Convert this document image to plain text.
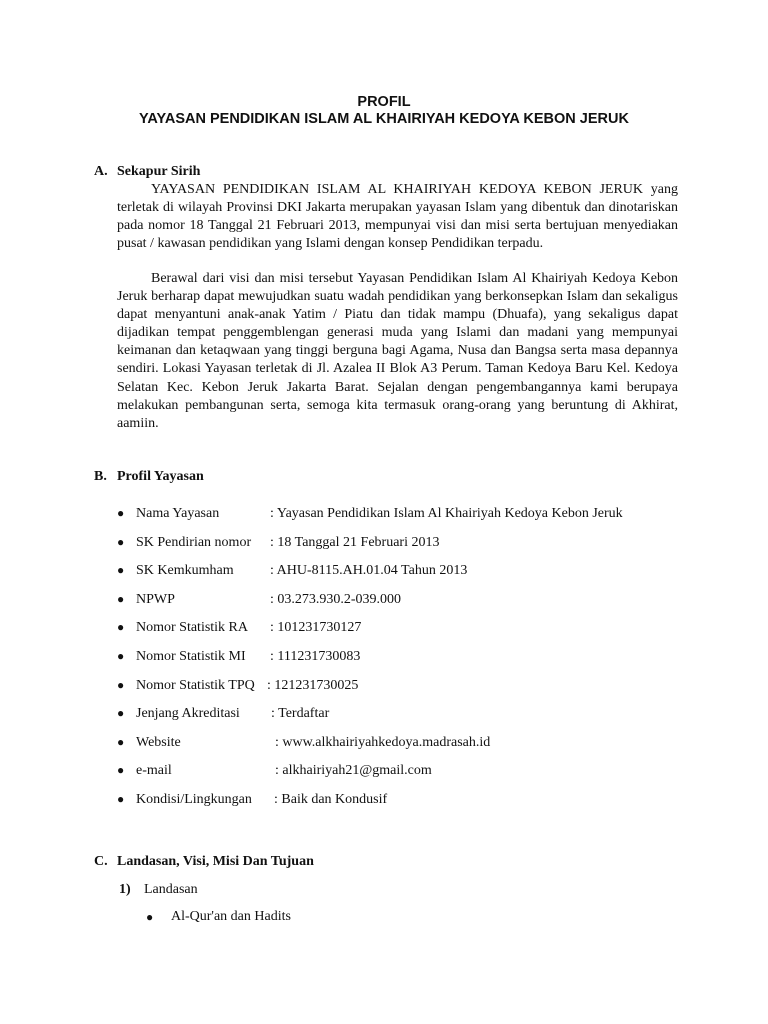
PROFIL
YAYASAN PENDIDIKAN ISLAM AL KHAIRIYAH KEDOYA KEBON JERUK
A. Sekapur Sirih

YAYASAN PENDIDIKAN ISLAM AL KHAIRIYAH KEDOYA KEBON JERUK yang terletak di wilayah Provinsi DKI Jakarta merupakan yayasan Islam yang dibentuk dan dinotariskan pada nomor 18 Tanggal 21 Februari 2013, mempunyai visi dan misi serta bertujuan menyediakan pusat / kawasan pendidikan yang Islami dengan konsep Pendidikan terpadu.

Berawal dari visi dan misi tersebut Yayasan Pendidikan Islam Al Khairiyah Kedoya Kebon Jeruk berharap dapat mewujudkan suatu wadah pendidikan yang berkonsepkan Islam dan sekaligus dapat menyantuni anak-anak Yatim / Piatu dan tidak mampu (Dhuafa), yang sekaligus dapat dijadikan tempat penggemblengan generasi muda yang Islami dan madani yang mempunyai keimanan dan ketaqwaan yang tinggi berguna bagi Agama, Nusa dan Bangsa serta masa depannya sendiri. Lokasi Yayasan terletak di Jl. Azalea II Blok A3 Perum. Taman Kedoya Baru Kel. Kedoya Selatan Kec. Kebon Jeruk Jakarta Barat. Sejalan dengan pengembangannya kami berupaya melakukan pembangunan serta, semoga kita termasuk orang-orang yang beruntung di Akhirat, aamiin.

B. Profil Yayasan
● Nama Yayasan	: Yayasan Pendidikan Islam Al Khairiyah Kedoya Kebon Jeruk
● SK Pendirian nomor : 18 Tanggal 21 Februari 2013
● SK Kemkumham	: AHU-8115.AH.01.04 Tahun 2013
● NPWP	: 03.273.930.2-039.000
● Nomor Statistik RA : 101231730127
● Nomor Statistik MI : 111231730083
● Nomor Statistik TPQ : 121231730025
● Jenjang Akreditasi : Terdaftar
● Website	: www.alkhairiyahkedoya.madrasah.id
● e-mail	: alkhairiyah21@gmail.com
● Kondisi/Lingkungan : Baik dan Kondusif
C. Landasan, Visi, Misi Dan Tujuan
1) Landasan
● Al-Qur'an dan Hadits
